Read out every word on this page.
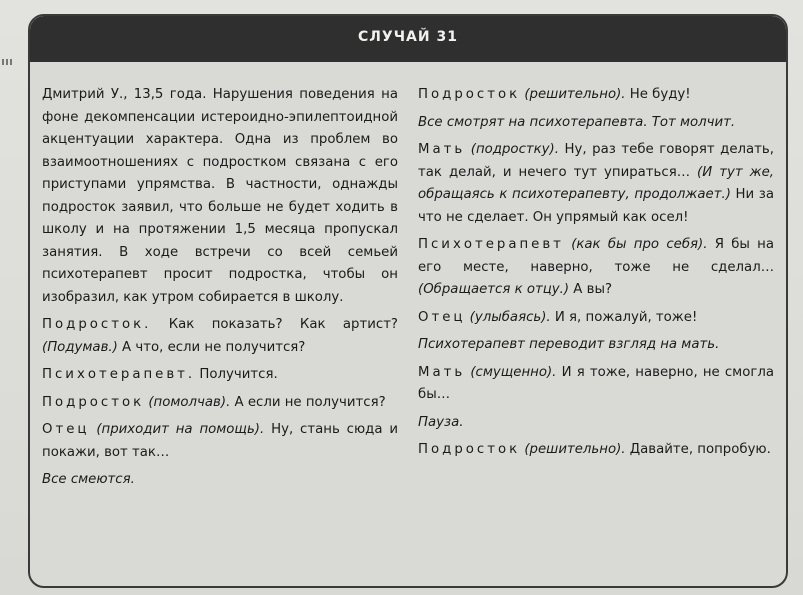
СЛУЧАЙ 31

Дмитрий У., 13,5 года. Нарушения поведения на фоне декомпенсации истероидно-эпилептоидной акцентуации характера. Одна из проблем во взаимоотношениях с подростком связана с его приступами упрямства. В частности, однажды подросток заявил, что больше не будет ходить в школу и на протяжении 1,5 месяца пропускал занятия. В ходе встречи со всей семьей психотерапевт просит подростка, чтобы он изобразил, как утром собирается в школу.

Подросток. Как показать? Как артист? (Подумав.) А что, если не получится?

Психотерапевт. Получится.

Подросток (помолчав). А если не получится?

Отец (приходит на помощь). Ну, стань сюда и покажи, вот так…

Все смеются.

Подросток (решительно). Не буду!

Все смотрят на психотерапевта. Тот молчит.

Мать (подростку). Ну, раз тебе говорят делать, так делай, и нечего тут упираться… (И тут же, обращаясь к психотерапевту, продолжает.) Ни за что не сделает. Он упрямый как осел!

Психотерапевт (как бы про себя). Я бы на его месте, наверно, тоже не сделал… (Обращается к отцу.) А вы?

Отец (улыбаясь). И я, пожалуй, тоже!

Психотерапевт переводит взгляд на мать.

Мать (смущенно). И я тоже, наверно, не смогла бы…

Пауза.

Подросток (решительно). Давайте, попробую.
